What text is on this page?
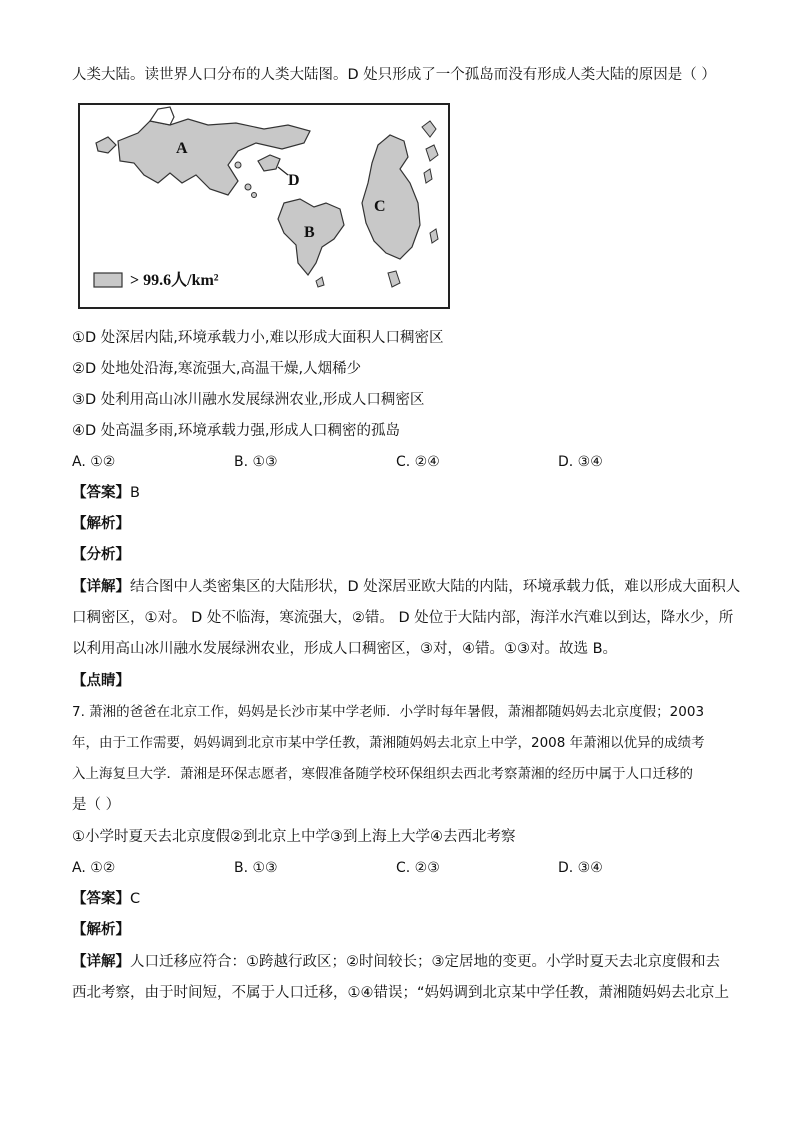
人类大陆。读世界人口分布的人类大陆图。D 处只形成了一个孤岛而没有形成人类大陆的原因是（ ）
A
D
B
C
> 99.6人/km²
①D 处深居内陆,环境承载力小,难以形成大面积人口稠密区
②D 处地处沿海,寒流强大,高温干燥,人烟稀少
③D 处利用高山冰川融水发展绿洲农业,形成人口稠密区
④D 处高温多雨,环境承载力强,形成人口稠密的孤岛
A. ①②	B. ①③	C. ②④	D. ③④
【答案】B
【解析】
【分析】
【详解】结合图中人类密集区的大陆形状，D 处深居亚欧大陆的内陆，环境承载力低，难以形成大面积人
口稠密区，①对。 D 处不临海，寒流强大，②错。 D 处位于大陆内部，海洋水汽难以到达，降水少，所
以利用高山冰川融水发展绿洲农业，形成人口稠密区，③对，④错。①③对。故选 B。
【点睛】
7. 萧湘的爸爸在北京工作，妈妈是长沙市某中学老师．小学时每年暑假，萧湘都随妈妈去北京度假；2003
年，由于工作需要，妈妈调到北京市某中学任教，萧湘随妈妈去北京上中学，2008 年萧湘以优异的成绩考
入上海复旦大学．萧湘是环保志愿者，寒假准备随学校环保组织去西北考察萧湘的经历中属于人口迁移的
是（ ）
①小学时夏天去北京度假②到北京上中学③到上海上大学④去西北考察
A. ①②	B. ①③	C. ②③	D. ③④
【答案】C
【解析】
【详解】人口迁移应符合：①跨越行政区；②时间较长；③定居地的变更。小学时夏天去北京度假和去
西北考察，由于时间短，不属于人口迁移，①④错误；“妈妈调到北京某中学任教，萧湘随妈妈去北京上
